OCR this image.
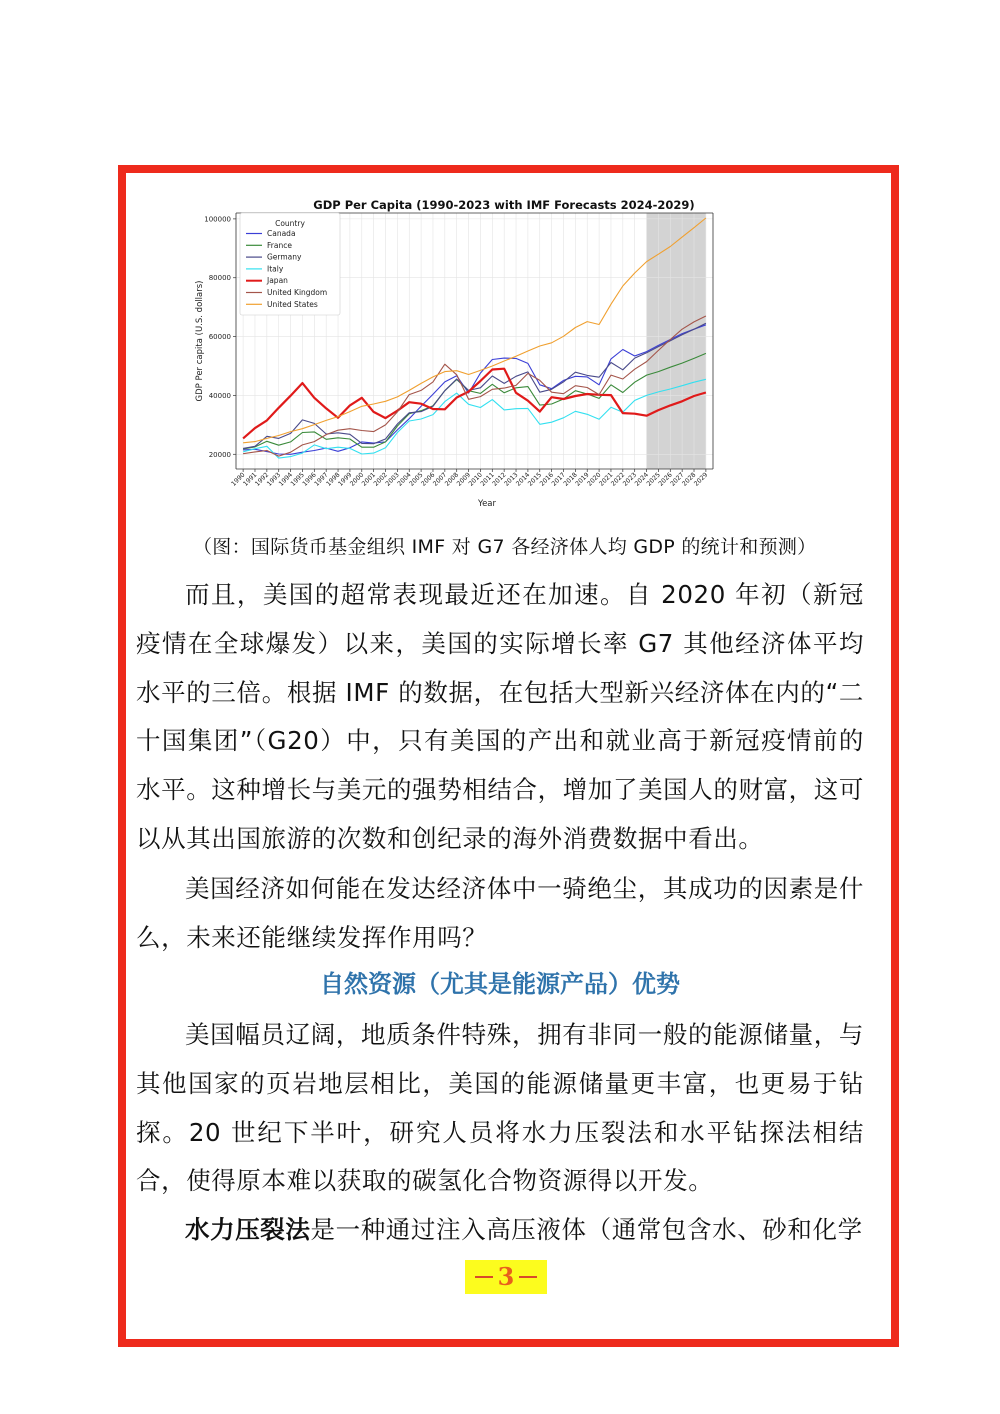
20000
40000
60000
80000
100000
1990
1991
1992
1993
1994
1995
1996
1997
1998
1999
2000
2001
2002
2003
2004
2005
2006
2007
2008
2009
2010
2011
2012
2013
2014
2015
2016
2017
2018
2019
2020
2021
2022
2023
2024
2025
2026
2027
2028
2029
GDP Per Capita (1990-2023 with IMF Forecasts 2024-2029)
GDP Per capita (U.S. dollars)
Year
Country
Canada
France
Germany
Italy
Japan
United Kingdom
United States
（图：国际货币基金组织 IMF 对 G7 各经济体人均 GDP 的统计和预测）
而且，美国的超常表现最近还在加速。自 2020 年初（新冠疫情在全球爆发）以来，美国的实际增长率 G7 其他经济体平均水平的三倍。根据 IMF 的数据，在包括大型新兴经济体在内的“二十国集团”（G20）中，只有美国的产出和就业高于新冠疫情前的水平。这种增长与美元的强势相结合，增加了美国人的财富，这可以从其出国旅游的次数和创纪录的海外消费数据中看出。
美国经济如何能在发达经济体中一骑绝尘，其成功的因素是什么，未来还能继续发挥作用吗？
自然资源（尤其是能源产品）优势
美国幅员辽阔，地质条件特殊，拥有非同一般的能源储量，与其他国家的页岩地层相比，美国的能源储量更丰富，也更易于钻探。20 世纪下半叶，研究人员将水力压裂法和水平钻探法相结合，使得原本难以获取的碳氢化合物资源得以开发。
水力压裂法是一种通过注入高压液体（通常包含水、砂和化学
3
